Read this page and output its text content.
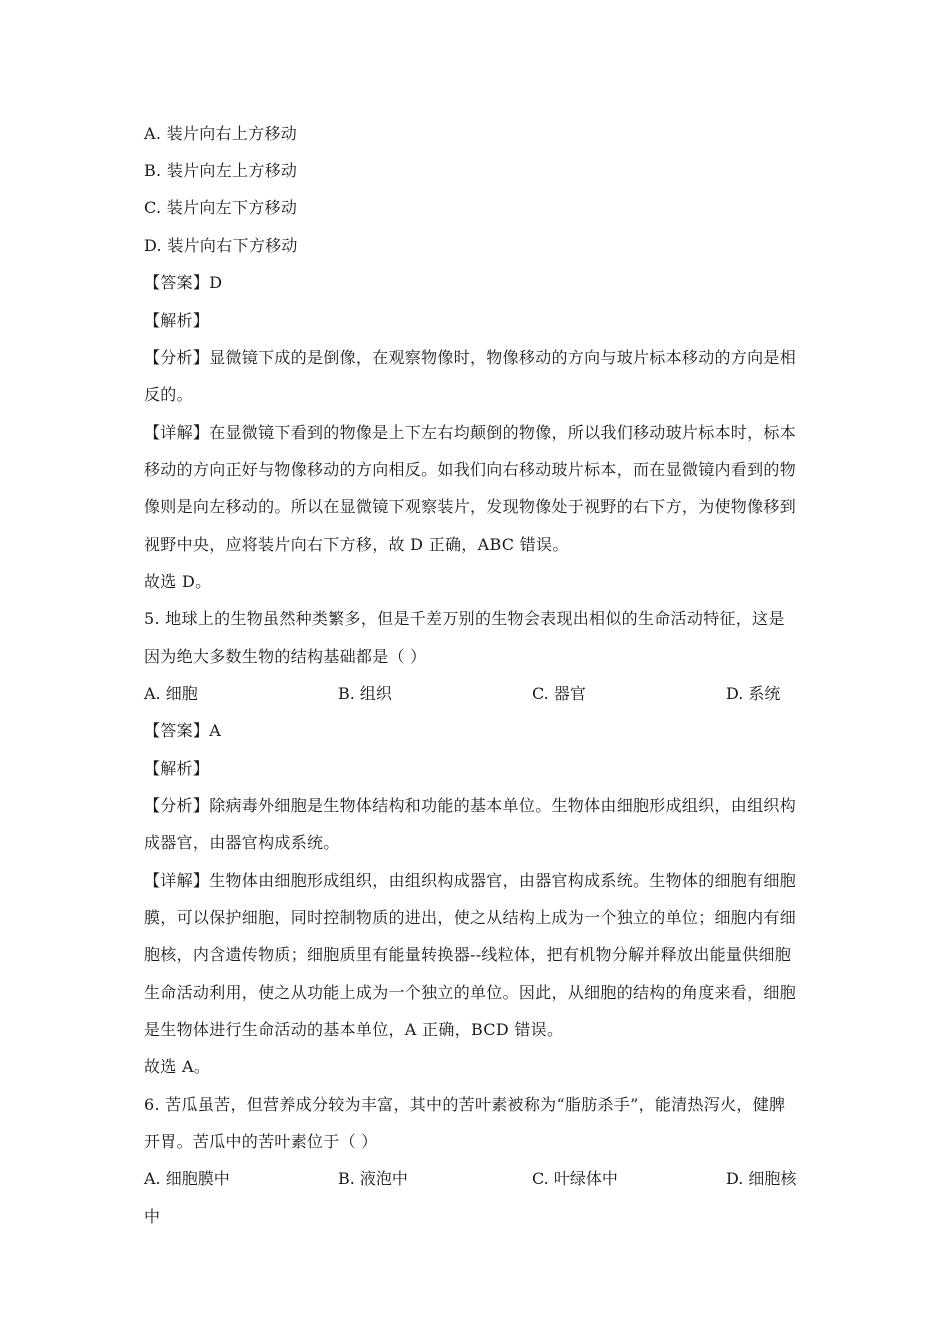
A. 装片向右上方移动
B. 装片向左上方移动
C. 装片向左下方移动
D. 装片向右下方移动
【答案】D
【解析】
【分析】显微镜下成的是倒像，在观察物像时，物像移动的方向与玻片标本移动的方向是相
反的。
【详解】在显微镜下看到的物像是上下左右均颠倒的物像，所以我们移动玻片标本时，标本
移动的方向正好与物像移动的方向相反。如我们向右移动玻片标本，而在显微镜内看到的物
像则是向左移动的。所以在显微镜下观察装片，发现物像处于视野的右下方，为使物像移到
视野中央，应将装片向右下方移，故 D 正确，ABC 错误。
故选 D。
5. 地球上的生物虽然种类繁多，但是千差万别的生物会表现出相似的生命活动特征，这是
因为绝大多数生物的结构基础都是（ ）
A. 细胞	B. 组织	C. 器官	D. 系统
【答案】A
【解析】
【分析】除病毒外细胞是生物体结构和功能的基本单位。生物体由细胞形成组织，由组织构
成器官，由器官构成系统。
【详解】生物体由细胞形成组织，由组织构成器官，由器官构成系统。生物体的细胞有细胞
膜，可以保护细胞，同时控制物质的进出，使之从结构上成为一个独立的单位；细胞内有细
胞核，内含遗传物质；细胞质里有能量转换器--线粒体，把有机物分解并释放出能量供细胞
生命活动利用，使之从功能上成为一个独立的单位。因此，从细胞的结构的角度来看，细胞
是生物体进行生命活动的基本单位，A 正确，BCD 错误。
故选 A。
6. 苦瓜虽苦，但营养成分较为丰富，其中的苦叶素被称为“脂肪杀手”，能清热泻火，健脾
开胃。苦瓜中的苦叶素位于（ ）
A. 细胞膜中	B. 液泡中	C. 叶绿体中	D. 细胞核
中
